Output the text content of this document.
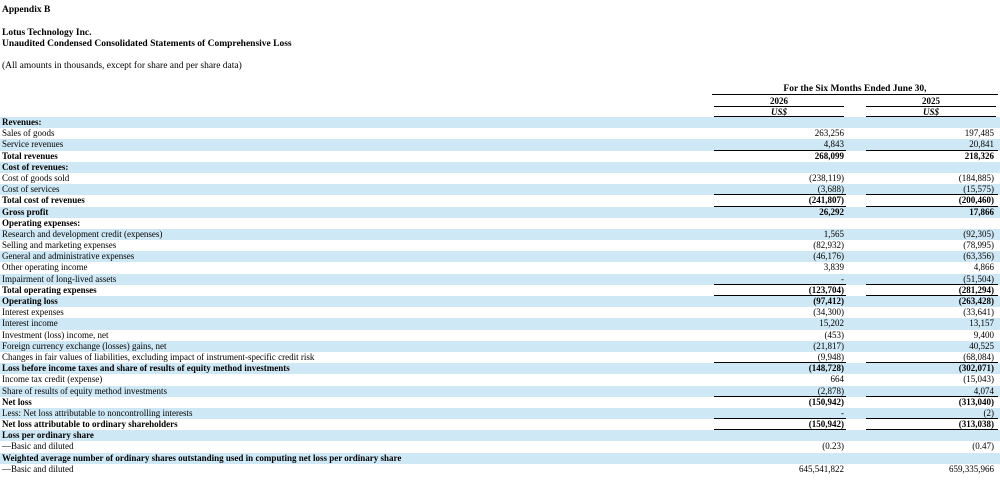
Appendix B
Lotus Technology Inc.
Unaudited Condensed Consolidated Statements of Comprehensive Loss
(All amounts in thousands, except for share and per share data)
For the Six Months Ended June 30,
2026	2025
US$	US$
Revenues:
Sales of goods	263,256	197,485
Service revenues	4,843	20,841
Total revenues	268,099	218,326
Cost of revenues:
Cost of goods sold	(238,119)	(184,885)
Cost of services	(3,688)	(15,575)
Total cost of revenues	(241,807)	(200,460)
Gross profit	26,292	17,866
Operating expenses:
Research and development credit (expenses)	1,565	(92,305)
Selling and marketing expenses	(82,932)	(78,995)
General and administrative expenses	(46,176)	(63,356)
Other operating income	3,839	4,866
Impairment of long-lived assets	-	(51,504)
Total operating expenses	(123,704)	(281,294)
Operating loss	(97,412)	(263,428)
Interest expenses	(34,300)	(33,641)
Interest income	15,202	13,157
Investment (loss) income, net	(453)	9,400
Foreign currency exchange (losses) gains, net	(21,817)	40,525
Changes in fair values of liabilities, excluding impact of instrument-specific credit risk	(9,948)	(68,084)
Loss before income taxes and share of results of equity method investments	(148,728)	(302,071)
Income tax credit (expense)	664	(15,043)
Share of results of equity method investments	(2,878)	4,074
Net loss	(150,942)	(313,040)
Less: Net loss attributable to noncontrolling interests	-	(2)
Net loss attributable to ordinary shareholders	(150,942)	(313,038)
Loss per ordinary share
—Basic and diluted	(0.23)	(0.47)
Weighted average number of ordinary shares outstanding used in computing net loss per ordinary share
—Basic and diluted	645,541,822	659,335,966
